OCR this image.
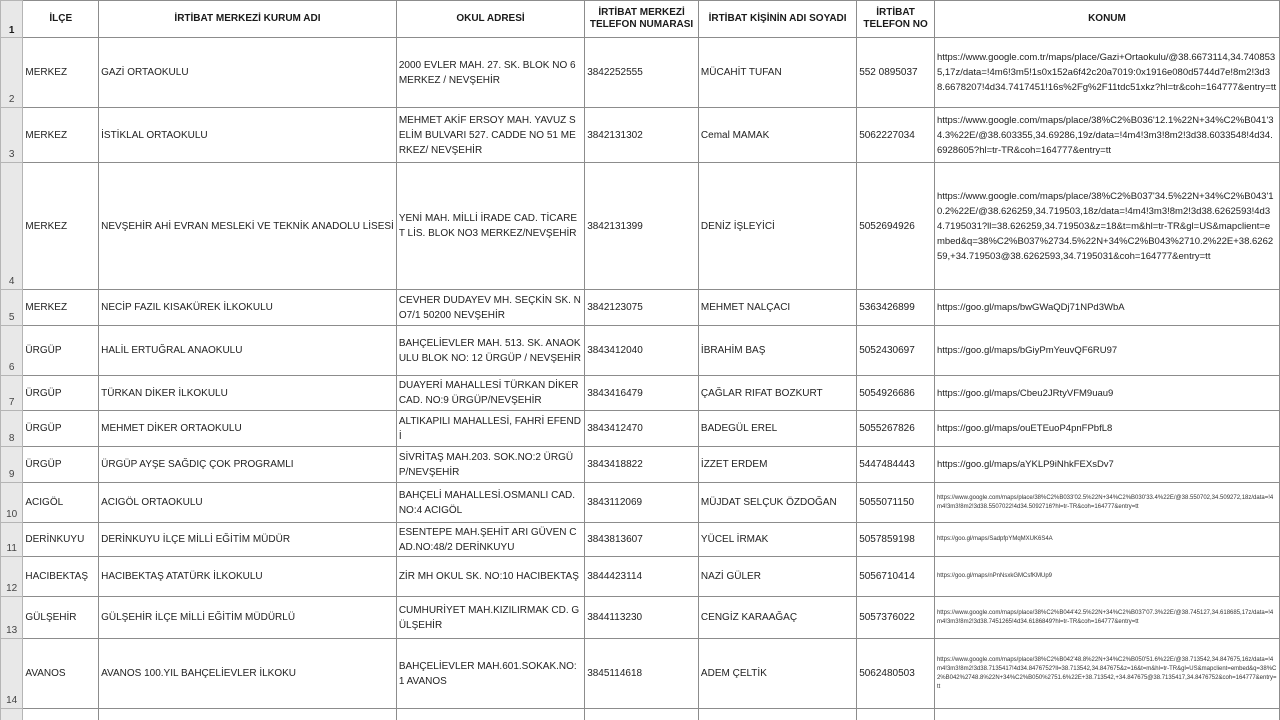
1	İLÇE	İRTİBAT MERKEZİ KURUM ADI	OKUL ADRESİ	İRTİBAT MERKEZİ TELEFON NUMARASI	İRTİBAT KİŞİNİN ADI SOYADI	İRTİBAT TELEFON NO	KONUM
2	MERKEZ	GAZİ ORTAOKULU	2000 EVLER MAH. 27. SK. BLOK NO 6 MERKEZ / NEVŞEHİR	3842252555	MÜCAHİT TUFAN	552 0895037	https://www.google.com.tr/maps/place/Gazi+Ortaokulu/@38.6673114,34.7408535,17z/data=!4m6!3m5!1s0x152a6f42c20a7019:0x1916e080d5744d7e!8m2!3d38.6678207!4d34.7417451!16s%2Fg%2F11tdc51xkz?hl=tr&coh=164777&entry=tt
3	MERKEZ	İSTİKLAL ORTAOKULU	MEHMET AKİF ERSOY MAH. YAVUZ SELİM BULVARI 527. CADDE NO 51 MERKEZ/ NEVŞEHİR	3842131302	Cemal MAMAK	5062227034	https://www.google.com/maps/place/38%C2%B036'12.1%22N+34%C2%B041'34.3%22E/@38.603355,34.69286,19z/data=!4m4!3m3!8m2!3d38.6033548!4d34.6928605?hl=tr-TR&coh=164777&entry=tt
4	MERKEZ	NEVŞEHİR AHİ EVRAN MESLEKİ VE TEKNİK ANADOLU LİSESİ	YENİ MAH. MİLLİ İRADE CAD. TİCARET LİS. BLOK NO3 MERKEZ/NEVŞEHİR	3842131399	DENİZ İŞLEYİCİ	5052694926	https://www.google.com/maps/place/38%C2%B037'34.5%22N+34%C2%B043'10.2%22E/@38.626259,34.719503,18z/data=!4m4!3m3!8m2!3d38.6262593!4d34.7195031?ll=38.626259,34.719503&z=18&t=m&hl=tr-TR&gl=US&mapclient=embed&q=38%C2%B037%2734.5%22N+34%C2%B043%2710.2%22E+38.626259,+34.719503@38.6262593,34.7195031&coh=164777&entry=tt
5	MERKEZ	NECİP FAZIL KISAKÜREK İLKOKULU	CEVHER DUDAYEV MH. SEÇKİN SK. NO7/1 50200 NEVŞEHİR	3842123075	MEHMET NALÇACI	5363426899	https://goo.gl/maps/bwGWaQDj71NPd3WbA
6	ÜRGÜP	HALİL ERTUĞRAL ANAOKULU	BAHÇELİEVLER MAH. 513. SK. ANAOKULU BLOK NO: 12 ÜRGÜP / NEVŞEHİR	3843412040	İBRAHİM BAŞ	5052430697	https://goo.gl/maps/bGiyPmYeuvQF6RU97
7	ÜRGÜP	TÜRKAN DİKER İLKOKULU	DUAYERİ MAHALLESİ TÜRKAN DİKER CAD. NO:9 ÜRGÜP/NEVŞEHİR	3843416479	ÇAĞLAR RIFAT BOZKURT	5054926686	https://goo.gl/maps/Cbeu2JRtyVFM9uau9
8	ÜRGÜP	MEHMET DİKER ORTAOKULU	ALTIKAPILI MAHALLESİ, FAHRİ EFENDİ	3843412470	BADEGÜL EREL	5055267826	https://goo.gl/maps/ouETEuoP4pnFPbfL8
9	ÜRGÜP	ÜRGÜP AYŞE SAĞDIÇ ÇOK PROGRAMLI	SİVRİTAŞ MAH.203. SOK.NO:2 ÜRGÜP/NEVŞEHİR	3843418822	İZZET ERDEM	5447484443	https://goo.gl/maps/aYKLP9iNhkFEXsDv7
10	ACIGÖL	ACIGÖL ORTAOKULU	BAHÇELİ MAHALLESİ.OSMANLI CAD. NO:4 ACIGÖL	3843112069	MÜJDAT SELÇUK ÖZDOĞAN	5055071150	https://www.google.com/maps/place/38%C2%B033'02.5%22N+34%C2%B030'33.4%22E/@38.550702,34.509272,18z/data=!4m4!3m3!8m2!3d38.5507022!4d34.5092716?hl=tr-TR&coh=164777&entry=tt
11	DERİNKUYU	DERİNKUYU İLÇE MİLLİ EĞİTİM MÜDÜR	ESENTEPE MAH.ŞEHİT ARI GÜVEN CAD.NO:48/2 DERİNKUYU	3843813607	YÜCEL İRMAK	5057859198	https://goo.gl/maps/SadpfpYMqMXUK6S4A
12	HACIBEKTAŞ	HACIBEKTAŞ ATATÜRK İLKOKULU	ZİR MH OKUL SK. NO:10 HACIBEKTAŞ	3844423114	NAZİ GÜLER	5056710414	https://goo.gl/maps/nPnNsxkGMCsfKMUp9
13	GÜLŞEHİR	GÜLŞEHİR İLÇE MİLLİ EĞİTİM MÜDÜRLÜ	CUMHURİYET MAH.KIZILIRMAK CD. GÜLŞEHİR	3844113230	CENGİZ KARAAĞAÇ	5057376022	https://www.google.com/maps/place/38%C2%B044'42.5%22N+34%C2%B037'07.3%22E/@38.745127,34.618685,17z/data=!4m4!3m3!8m2!3d38.7451265!4d34.6186849?hl=tr-TR&coh=164777&entry=tt
14	AVANOS	AVANOS 100.YIL BAHÇELİEVLER İLKOKU	BAHÇELİEVLER MAH.601.SOKAK.NO:1 AVANOS	3845114618	ADEM ÇELTİK	5062480503	https://www.google.com/maps/place/38%C2%B042'48.8%22N+34%C2%B050'51.6%22E/@38.713542,34.847675,16z/data=!4m4!3m3!8m2!3d38.7135417!4d34.8476752?ll=38.713542,34.847675&z=16&t=m&hl=tr-TR&gl=US&mapclient=embed&q=38%C2%B042%2748.8%22N+34%C2%B050%2751.6%22E+38.713542,+34.847675@38.7135417,34.8476752&coh=164777&entry=tt
